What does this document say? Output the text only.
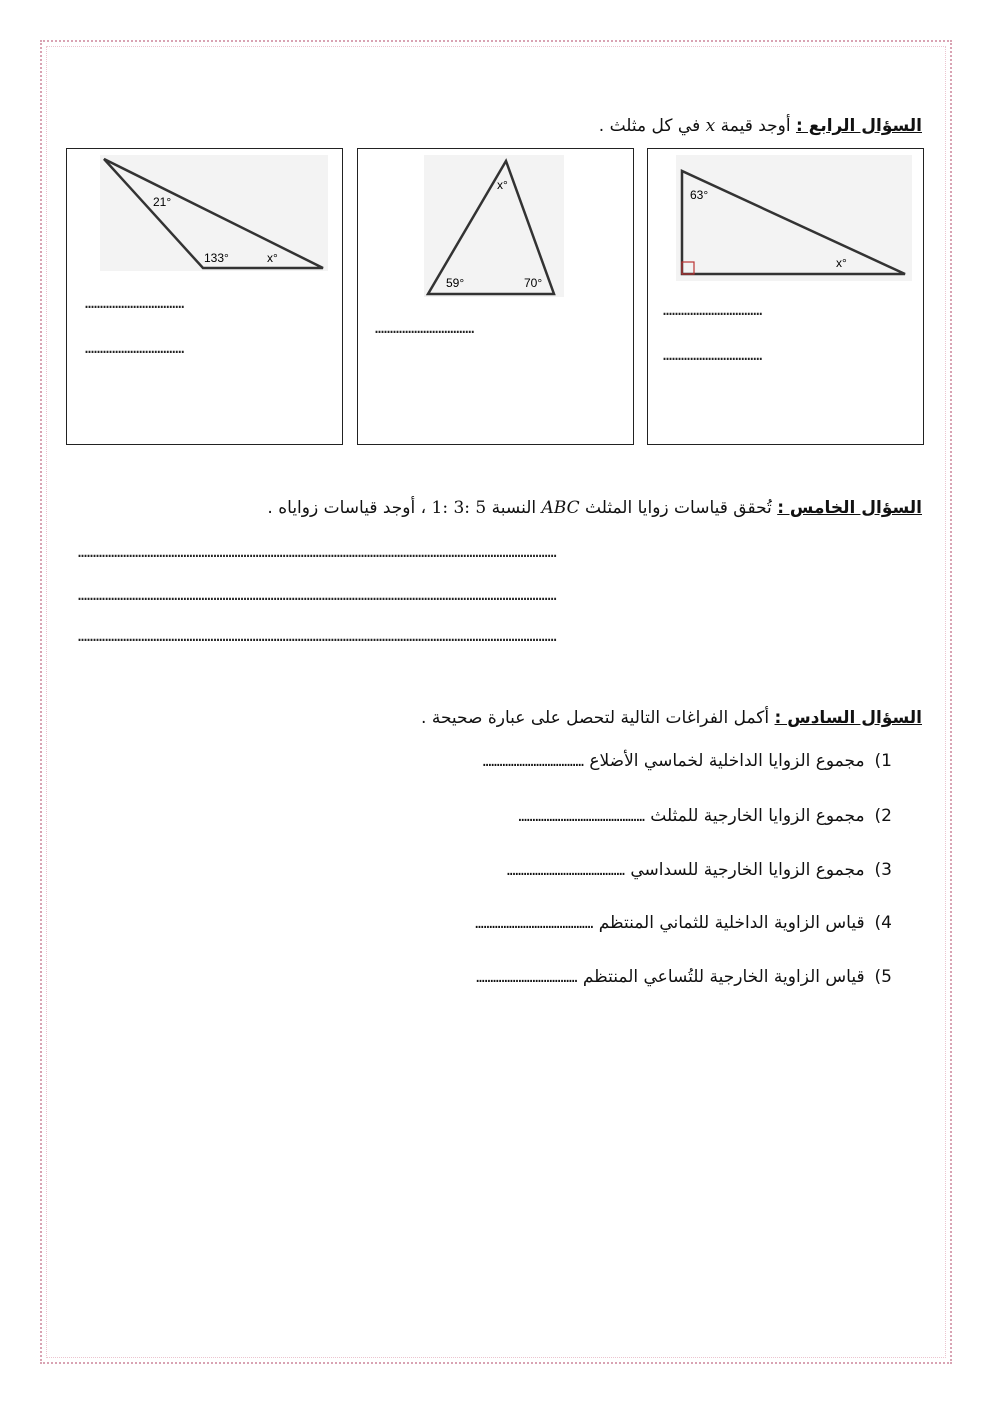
السؤال الرابع : أوجد قيمة x في كل مثلث .
63°
x°
……………………………
……………………………
x°
59°	70°
……………………………
21°
133°	x°
……………………………
……………………………
السؤال الخامس : تُحقق قياسات زوايا المثلث ABC النسبة 1: 3: 5 ، أوجد قياسات زواياه .
……………………………………………………………………………………………………………………………………………
……………………………………………………………………………………………………………………………………………
……………………………………………………………………………………………………………………………………………
السؤال السادس : أكمل الفراغات التالية لتحصل على عبارة صحيحة .
1) مجموع الزوايا الداخلية لخماسي الأضلاع ………………………………
2) مجموع الزوايا الخارجية للمثلث ………………………………………
3) مجموع الزوايا الخارجية للسداسي ……………………………………
4) قياس الزاوية الداخلية للثماني المنتظم ……………………………………
5) قياس الزاوية الخارجية للتُساعي المنتظم ………………………………
